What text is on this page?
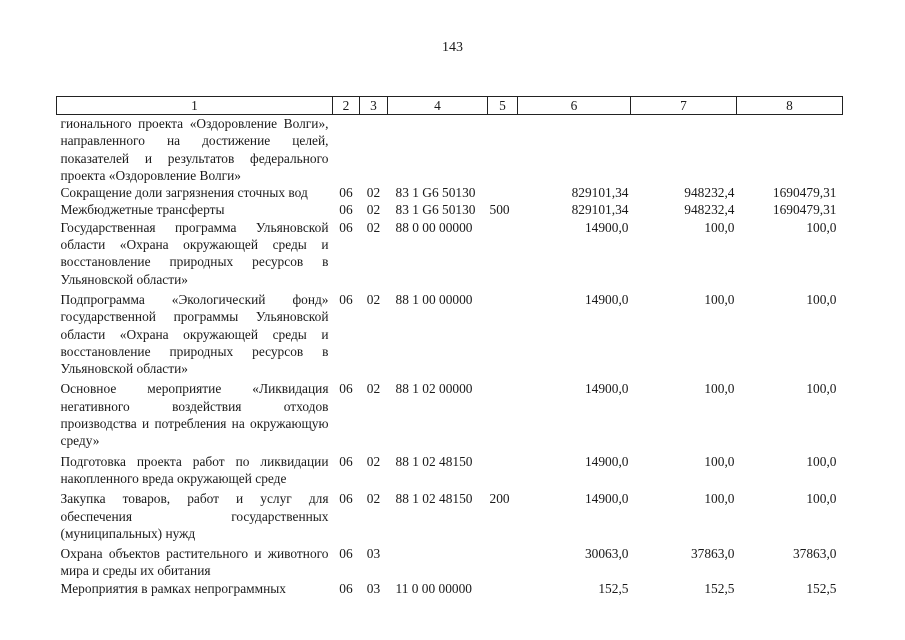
143
1	2	3	4	5	6	7	8
гионального проекта «Оздоровление Волги», направленного на достижение целей, показателей и результатов федерального проекта «Оздоровление Волги»							
Сокращение доли загрязнения сточных вод	06	02	83 1 G6 50130		829101,34	948232,4	1690479,31
Межбюджетные трансферты	06	02	83 1 G6 50130	500	829101,34	948232,4	1690479,31
Государственная программа Ульяновской области «Охрана окружающей среды и восстановление природных ресурсов в Ульяновской области»	06	02	88 0 00 00000		14900,0	100,0	100,0
Подпрограмма «Экологический фонд» государственной программы Ульяновской области «Охрана окружающей среды и восстановление природных ресурсов в Ульяновской области»	06	02	88 1 00 00000		14900,0	100,0	100,0
Основное мероприятие «Ликвидация негативного воздействия отходов производства и потребления на окружающую среду»	06	02	88 1 02 00000		14900,0	100,0	100,0
Подготовка проекта работ по ликвидации накопленного вреда окружающей среде	06	02	88 1 02 48150		14900,0	100,0	100,0
Закупка товаров, работ и услуг для обеспечения государственных (муниципальных) нужд	06	02	88 1 02 48150	200	14900,0	100,0	100,0
Охрана объектов растительного и животного мира и среды их обитания	06	03			30063,0	37863,0	37863,0
Мероприятия в рамках непрограммных	06	03	11 0 00 00000		152,5	152,5	152,5
